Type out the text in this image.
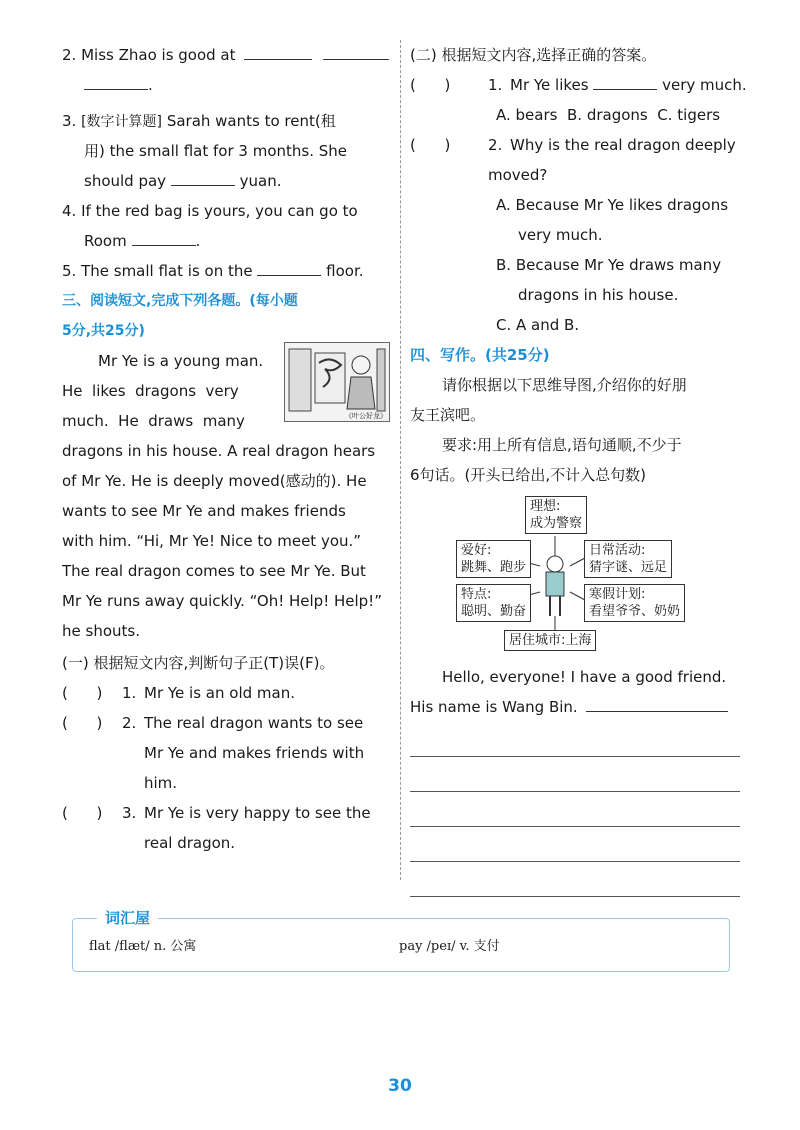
2. Miss Zhao is good at
.
3. [数字计算题] Sarah wants to rent(租
用) the small flat for 3 months. She
should pay	yuan.
4. If the red bag is yours, you can go to
Room	.
5. The small flat is on the	floor.
三、阅读短文,完成下列各题。(每小题
5分,共25分)
Mr Ye is a young man.
He  likes  dragons  very
much.  He  draws  many
dragons in his house. A real dragon hears
of Mr Ye. He is deeply moved(感动的). He
wants to see Mr Ye and makes friends
with him. “Hi, Mr Ye! Nice to meet you.”
The real dragon comes to see Mr Ye. But
Mr Ye runs away quickly. “Oh! Help! Help!”
he shouts.
(一) 根据短文内容,判断句子正(T)误(F)。
(      ) 1. Mr Ye is an old man.
(      ) 2. The real dragon wants to see
Mr Ye and makes friends with
him.
(      ) 3. Mr Ye is very happy to see the
real dragon.
《叶公好龙》
(二) 根据短文内容,选择正确的答案。
(      )	1. Mr Ye likes	very much.
A. bears  B. dragons  C. tigers
(      )	2. Why is the real dragon deeply
moved?
A. Because Mr Ye likes dragons
very much.
B. Because Mr Ye draws many
dragons in his house.
C. A and B.
四、写作。(共25分)
请你根据以下思维导图,介绍你的好朋
友王滨吧。
要求:用上所有信息,语句通顺,不少于
6句话。(开头已给出,不计入总句数)
理想:
成为警察
爱好:
跳舞、跑步
日常活动:
猜字谜、远足
特点:
聪明、勤奋
寒假计划:
看望爷爷、奶奶
居住城市:上海
Hello, everyone! I have a good friend.
His name is Wang Bin.
词汇屋
flat /flæt/ n. 公寓	pay /peɪ/ v. 支付
30
